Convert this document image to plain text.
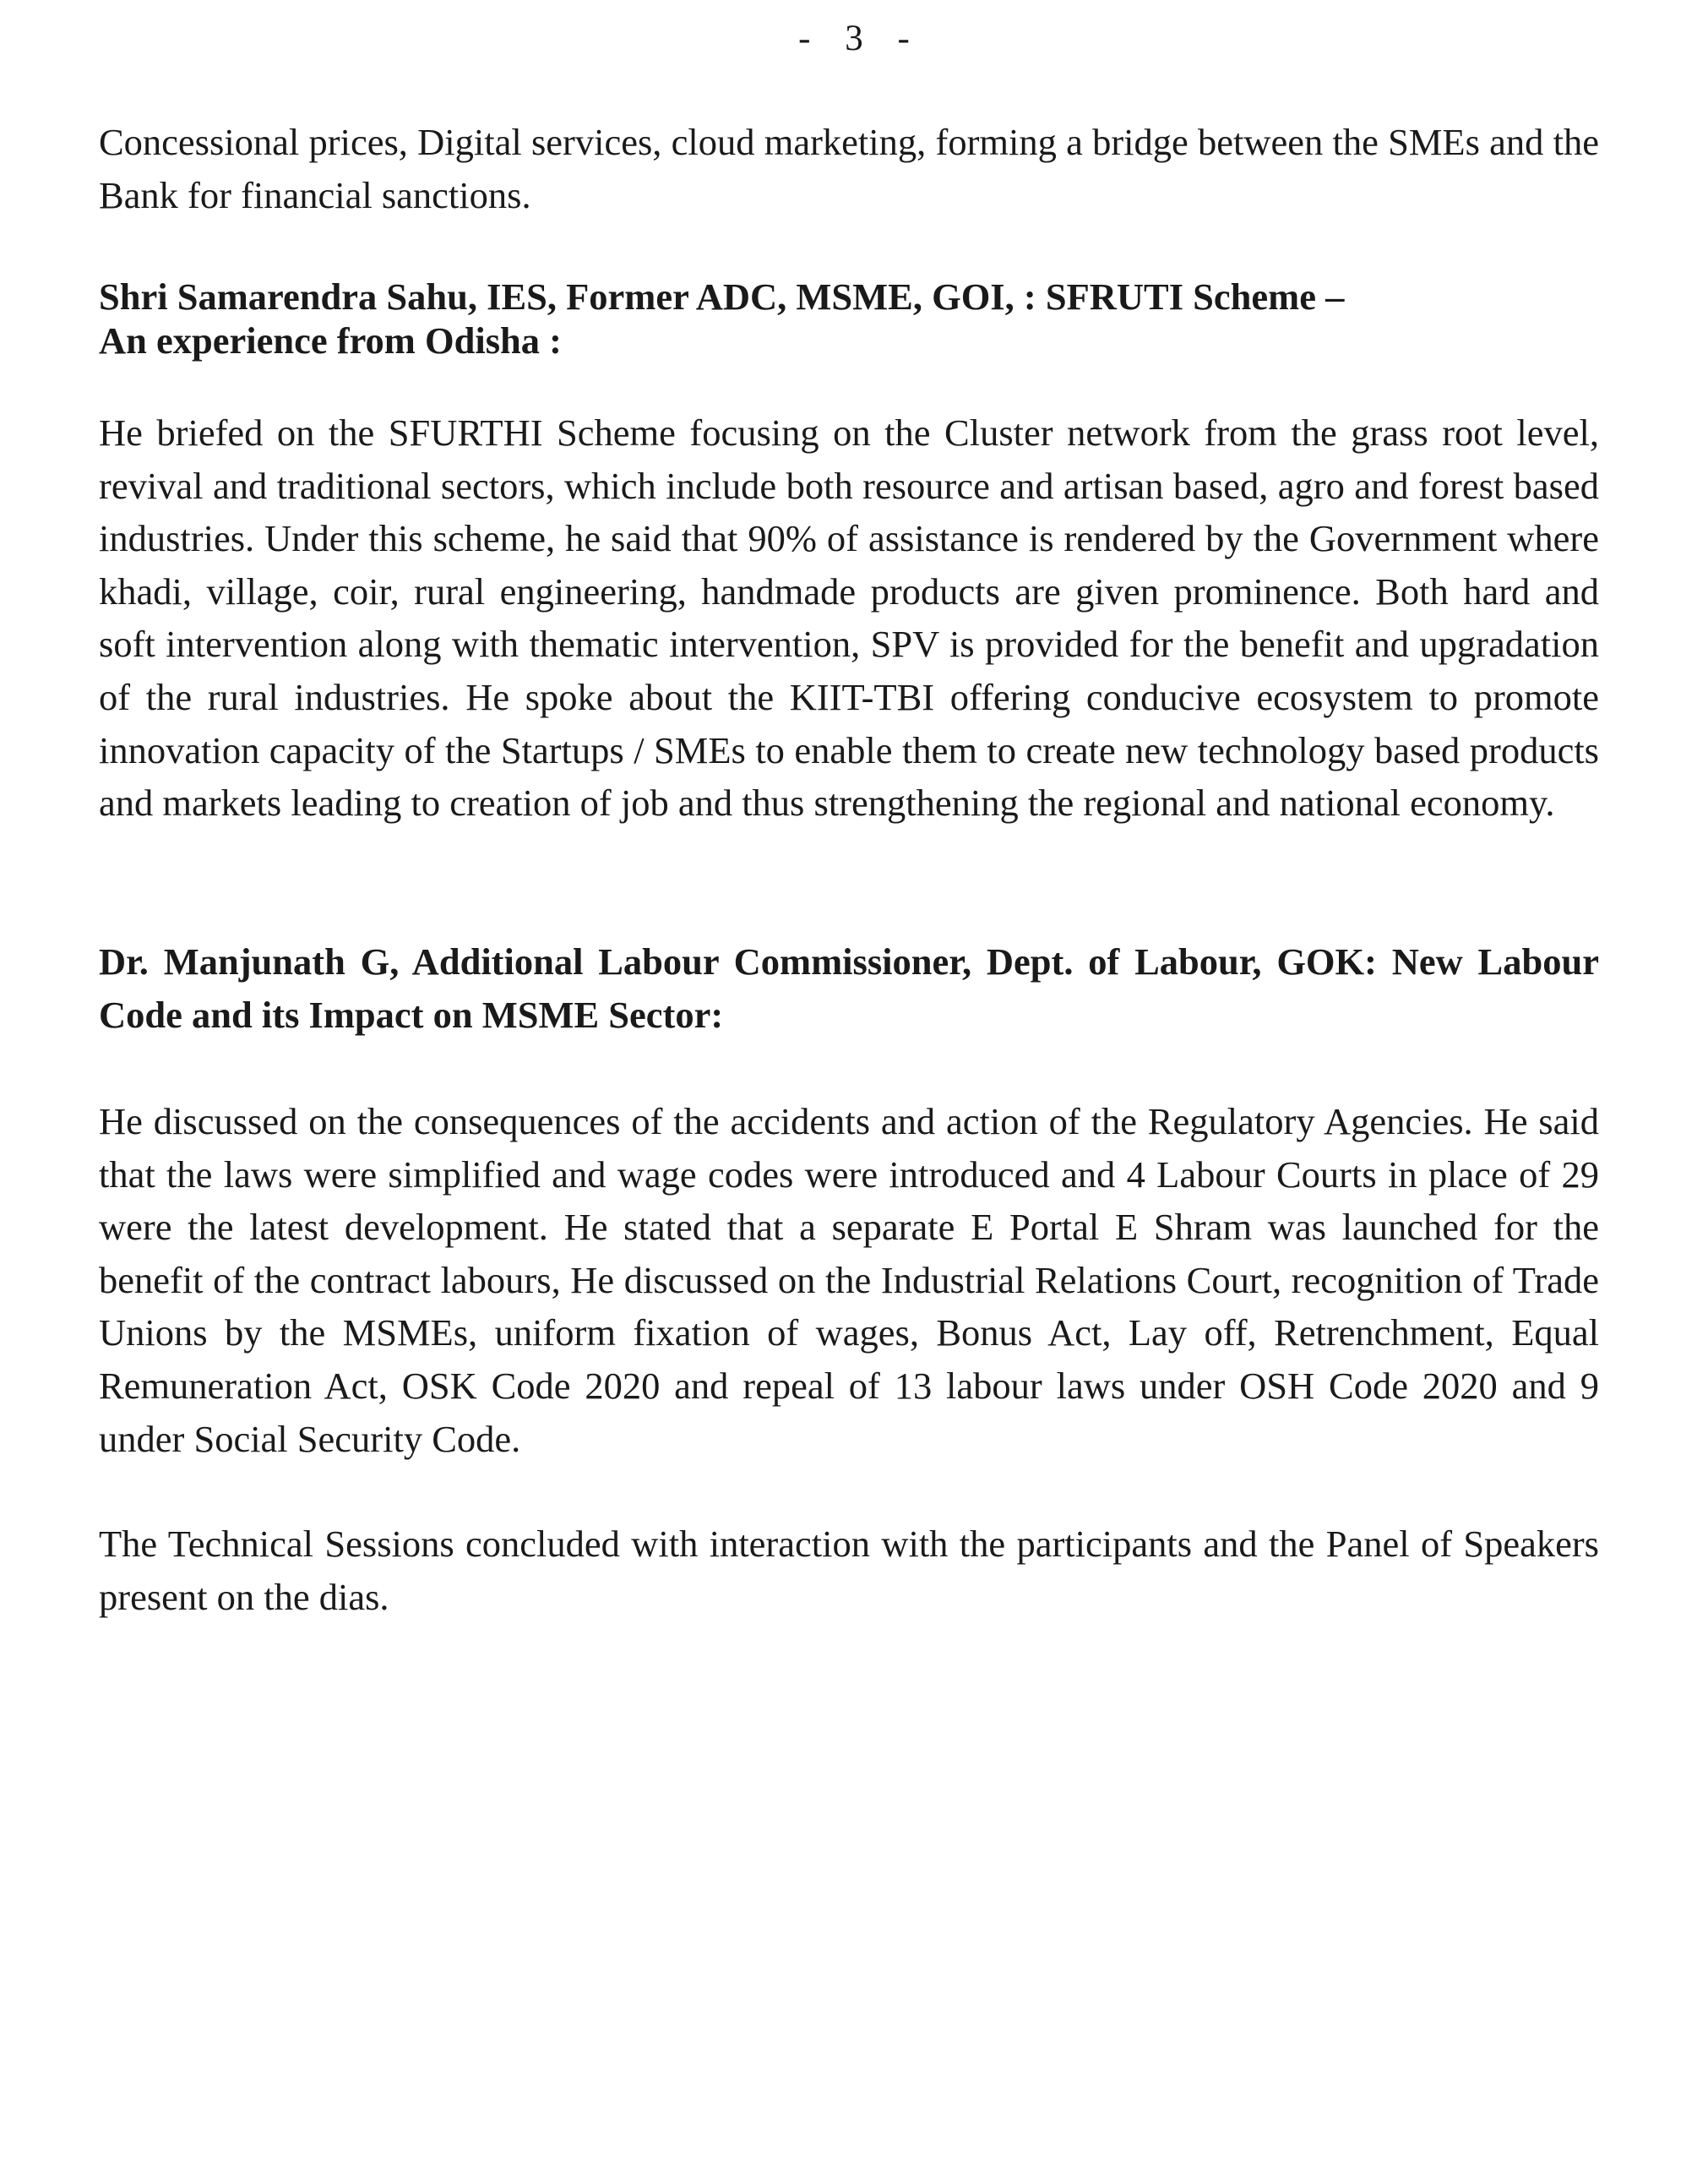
- 3 -

Concessional prices, Digital services, cloud marketing, forming a bridge between the SMEs and the Bank for financial sanctions.

Shri Samarendra Sahu, IES, Former ADC, MSME, GOI, : SFRUTI Scheme –
An experience from Odisha :

He briefed on the SFURTHI Scheme focusing on the Cluster network from the grass root level, revival and traditional sectors, which include both resource and artisan based, agro and forest based industries. Under this scheme, he said that 90% of assistance is rendered by the Government where khadi, village, coir, rural engineering, handmade products are given prominence. Both hard and soft intervention along with thematic intervention, SPV is provided for the benefit and upgradation of the rural industries. He spoke about the KIIT-TBI offering conducive ecosystem to promote innovation capacity of the Startups / SMEs to enable them to create new technology based products and markets leading to creation of job and thus strengthening the regional and national economy.

Dr. Manjunath G, Additional Labour Commissioner, Dept. of Labour, GOK: New Labour Code and its Impact on MSME Sector:

He discussed on the consequences of the accidents and action of the Regulatory Agencies. He said that the laws were simplified and wage codes were introduced and 4 Labour Courts in place of 29 were the latest development. He stated that a separate E Portal E Shram was launched for the benefit of the contract labours, He discussed on the Industrial Relations Court, recognition of Trade Unions by the MSMEs, uniform fixation of wages, Bonus Act, Lay off, Retrenchment, Equal Remuneration Act, OSK Code 2020 and repeal of 13 labour laws under OSH Code 2020 and 9 under Social Security Code.

The Technical Sessions concluded with interaction with the participants and the Panel of Speakers present on the dias.
